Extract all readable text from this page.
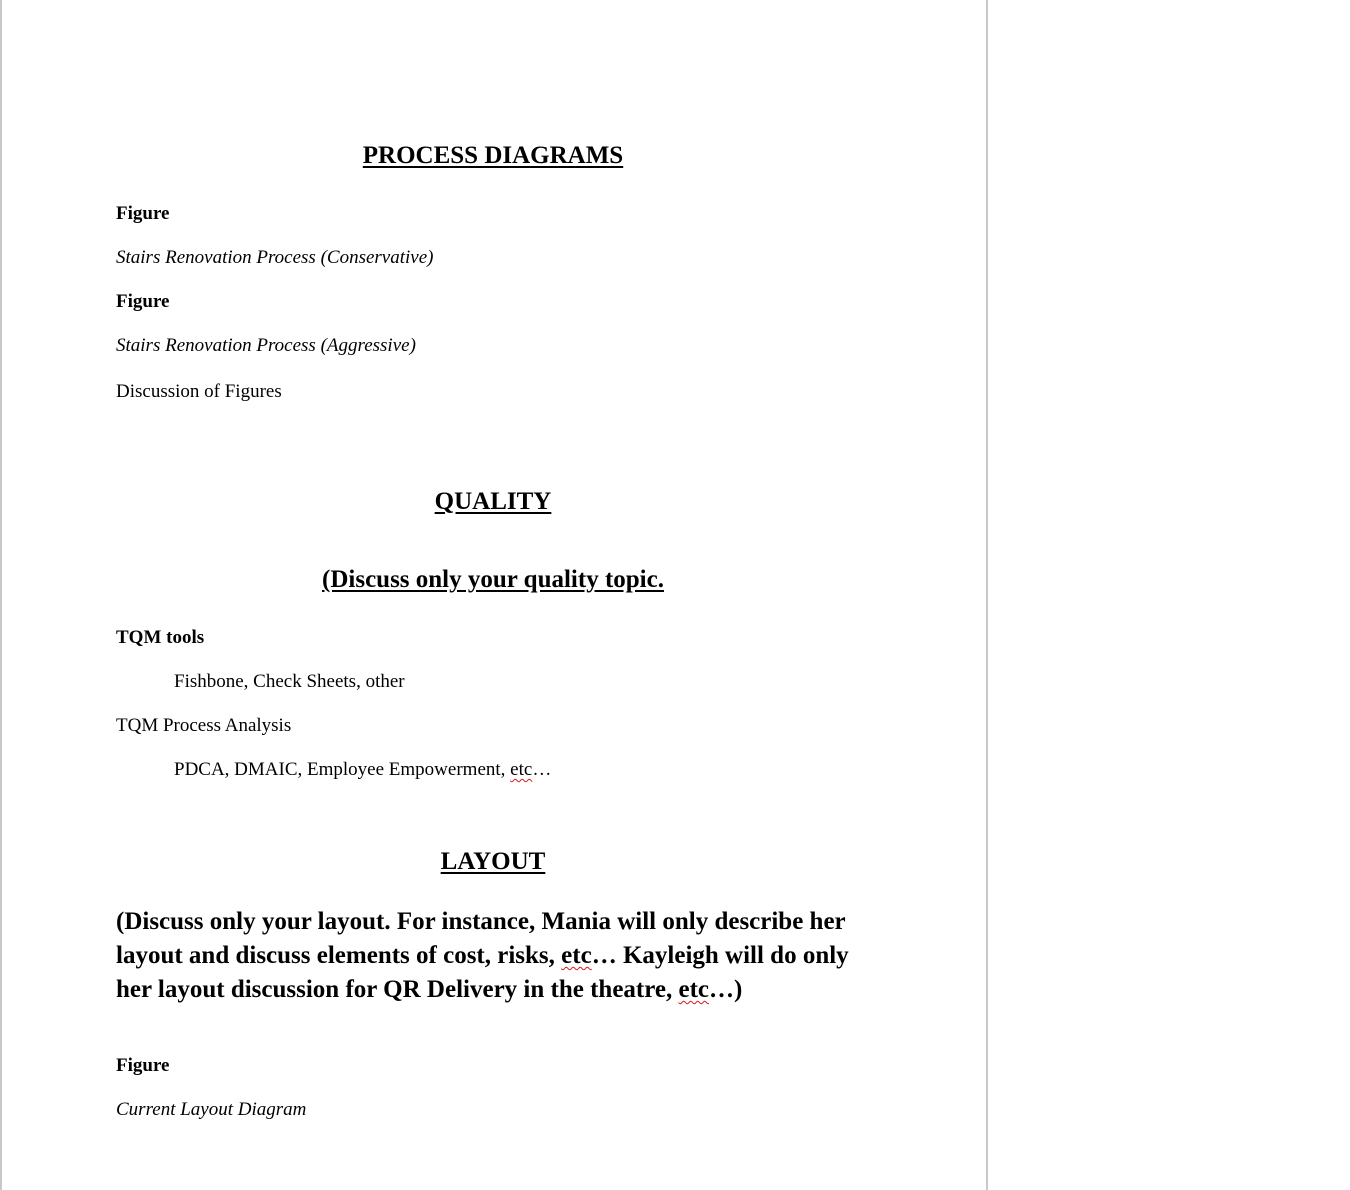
PROCESS DIAGRAMS
Figure
Stairs Renovation Process (Conservative)
Figure
Stairs Renovation Process (Aggressive)
Discussion of Figures
QUALITY
(Discuss only your quality topic.
TQM tools
Fishbone, Check Sheets, other
TQM Process Analysis
PDCA, DMAIC, Employee Empowerment, etc…
LAYOUT
(Discuss only your layout. For instance, Mania will only describe her layout and discuss elements of cost, risks, etc… Kayleigh will do only her layout discussion for QR Delivery in the theatre, etc…)
Figure
Current Layout Diagram
